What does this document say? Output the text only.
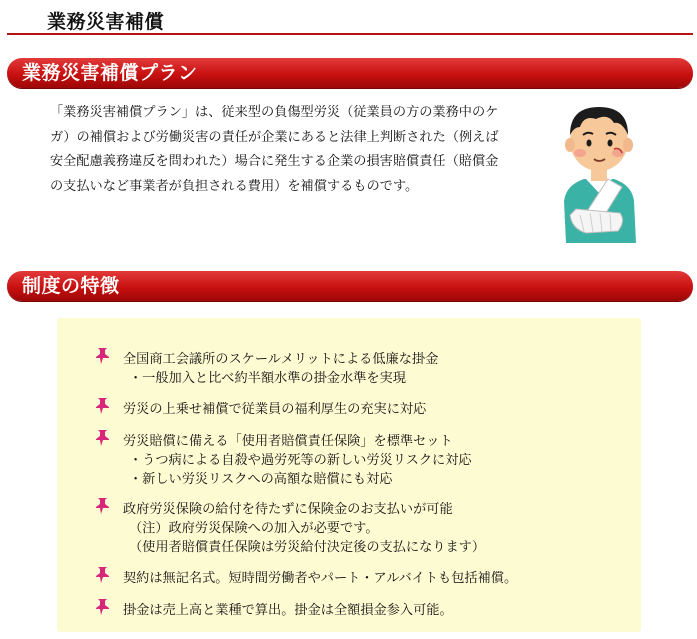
業務災害補償
業務災害補償プラン

「業務災害補償プラン」は、従来型の負傷型労災（従業員の方の業務中のケ
ガ）の補償および労働災害の責任が企業にあると法律上判断された（例えば
安全配慮義務違反を問われた）場合に発生する企業の損害賠償責任（賠償金
の支払いなど事業者が負担される費用）を補償するものです。

制度の特徴

全国商工会議所のスケールメリットによる低廉な掛金

・一般加入と比べ約半額水準の掛金水準を実現

労災の上乗せ補償で従業員の福利厚生の充実に対応

労災賠償に備える「使用者賠償責任保険」を標準セット

・うつ病による自殺や過労死等の新しい労災リスクに対応

・新しい労災リスクへの高額な賠償にも対応

政府労災保険の給付を待たずに保険金のお支払いが可能

（注）政府労災保険への加入が必要です。

（使用者賠償責任保険は労災給付決定後の支払になります）

契約は無記名式。短時間労働者やパート・アルバイトも包括補償。

掛金は売上高と業種で算出。掛金は全額損金参入可能。
